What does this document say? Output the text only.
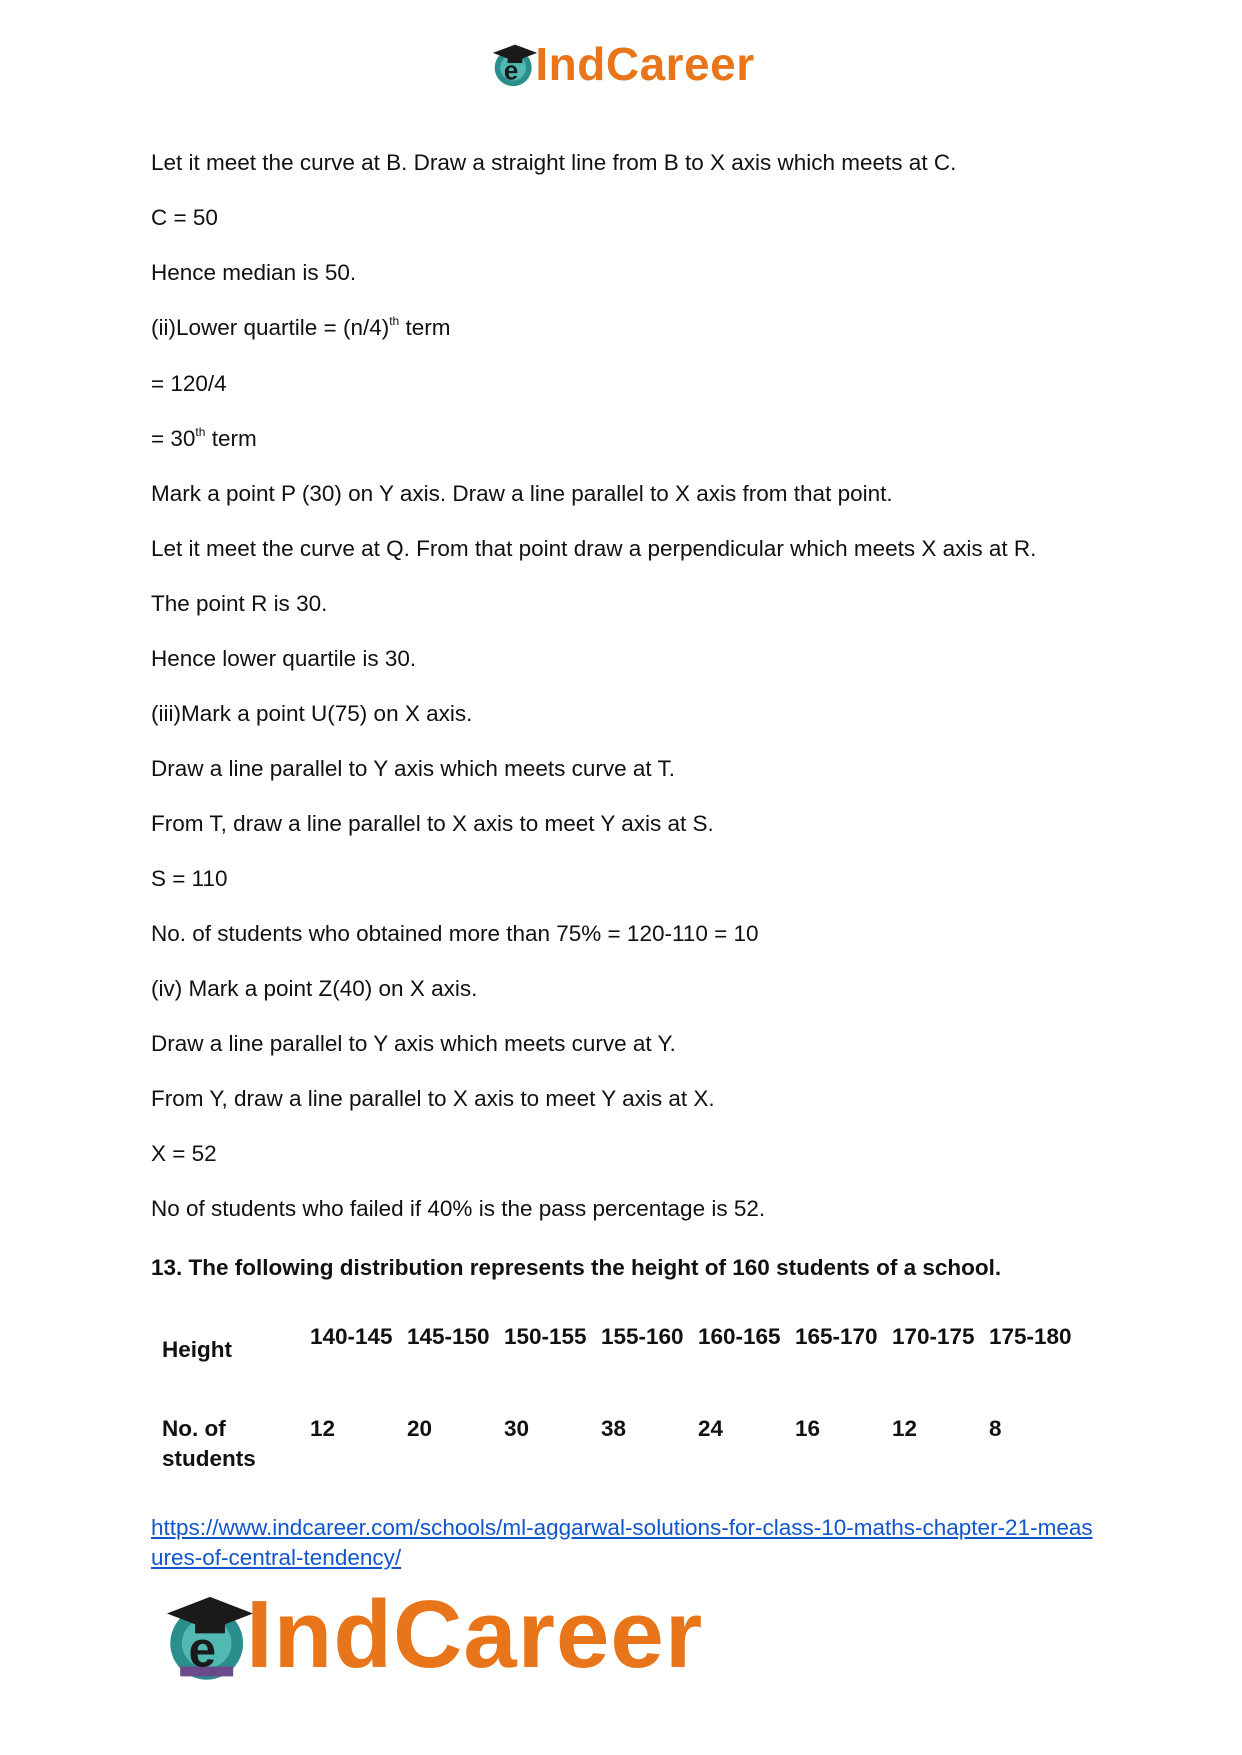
e IndCareer
Let it meet the curve at B. Draw a straight line from B to X axis which meets at C.
C = 50
Hence median is 50.
(ii)Lower quartile = $(n/4)^{th}$ term
= 120/4
= 30th term
Mark a point P (30) on Y axis. Draw a line parallel to X axis from that point.
Let it meet the curve at Q. From that point draw a perpendicular which meets X axis at R.
The point R is 30.
Hence lower quartile is 30.
(iii)Mark a point U(75) on X axis.
Draw a line parallel to Y axis which meets curve at T.
From T, draw a line parallel to X axis to meet Y axis at S.
S = 110
No. of students who obtained more than 75% = 120-110 = 10
(iv) Mark a point Z(40) on X axis.
Draw a line parallel to Y axis which meets curve at Y.
From Y, draw a line parallel to X axis to meet Y axis at X.
X = 52
No of students who failed if 40% is the pass percentage is 52.
13. The following distribution represents the height of 160 students of a school.
Height
140-145 145-150 150-155 155-160 160-165 165-170 170-175 175-180
No. of students
12	20	30	38	24	16	12	8
https://www.indcareer.com/schools/ml-aggarwal-solutions-for-class-10-maths-chapter-21-measures-of-central-tendency/
e IndCareer
